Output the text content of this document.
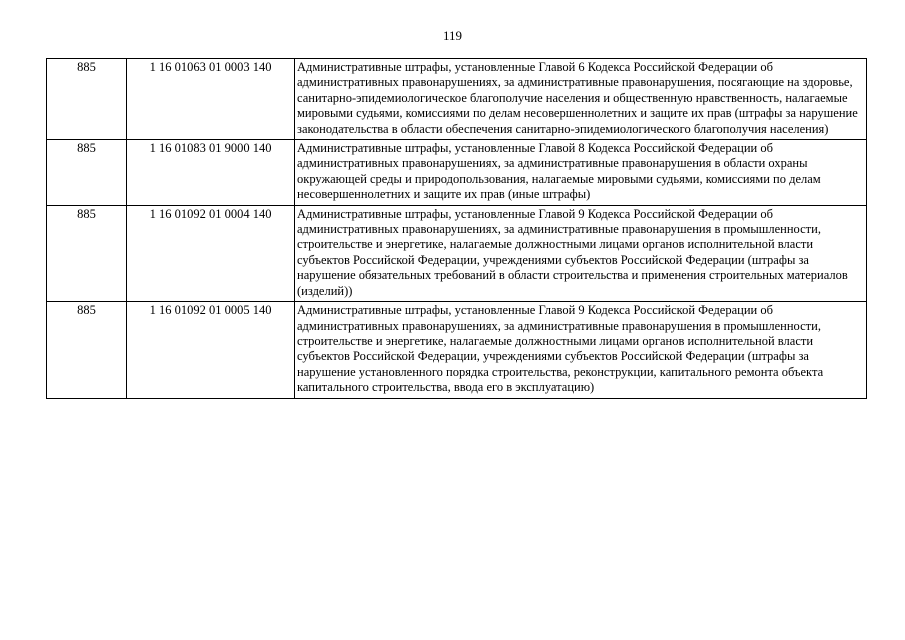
119
885	1 16 01063 01 0003 140	Административные штрафы, установленные Главой 6 Кодекса Российской Федерации об административных правонарушениях, за административные правонарушения, посягающие на здоровье, санитарно-эпидемиологическое благополучие населения и общественную нравственность, налагаемые мировыми судьями, комиссиями по делам несовершеннолетних и защите их прав (штрафы за нарушение законодательства в области обеспечения санитарно-эпидемиологического благополучия населения)
885	1 16 01083 01 9000 140	Административные штрафы, установленные Главой 8 Кодекса Российской Федерации об административных правонарушениях, за административные правонарушения в области охраны окружающей среды и природопользования, налагаемые мировыми судьями, комиссиями по делам несовершеннолетних и защите их прав (иные штрафы)
885	1 16 01092 01 0004 140	Административные штрафы, установленные Главой 9 Кодекса Российской Федерации об административных правонарушениях, за административные правонарушения в промышленности, строительстве и энергетике, налагаемые должностными лицами органов исполнительной власти субъектов Российской Федерации, учреждениями субъектов Российской Федерации (штрафы за нарушение обязательных требований в области строительства и применения строительных материалов (изделий))
885	1 16 01092 01 0005 140	Административные штрафы, установленные Главой 9 Кодекса Российской Федерации об административных правонарушениях, за административные правонарушения в промышленности, строительстве и энергетике, налагаемые должностными лицами органов исполнительной власти субъектов Российской Федерации, учреждениями субъектов Российской Федерации (штрафы за нарушение установленного порядка строительства, реконструкции, капитального ремонта объекта капитального строительства, ввода его в эксплуатацию)
